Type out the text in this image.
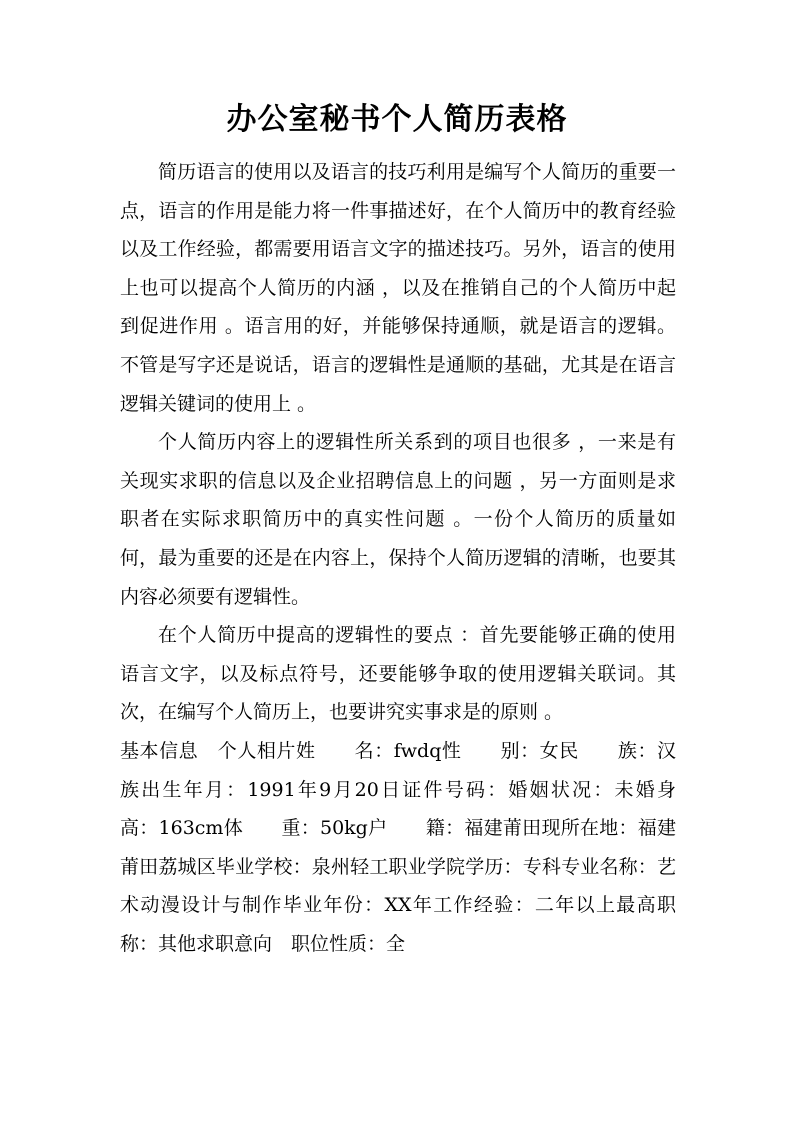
办公室秘书个人简历表格

简历语言的使用以及语言的技巧利用是编写个人简历的重要一点，语言的作用是能力将一件事描述好，在个人简历中的教育经验以及工作经验，都需要用语言文字的描述技巧。另外，语言的使用上也可以提高个人简历的内涵 ，以及在推销自己的个人简历中起到促进作用 。语言用的好，并能够保持通顺，就是语言的逻辑。不管是写字还是说话，语言的逻辑性是通顺的基础，尤其是在语言逻辑关键词的使用上 。

个人简历内容上的逻辑性所关系到的项目也很多 ，一来是有关现实求职的信息以及企业招聘信息上的问题 ，另一方面则是求职者在实际求职简历中的真实性问题 。一份个人简历的质量如何，最为重要的还是在内容上，保持个人简历逻辑的清晰，也要其内容必须要有逻辑性。

在个人简历中提高的逻辑性的要点 ：首先要能够正确的使用语言文字，以及标点符号，还要能够争取的使用逻辑关联词。其次，在编写个人简历上，也要讲究实事求是的原则 。

基本信息　个人相片姓　　名：fwdq性　　别：女民　　族：汉族出生年月：1991年9月20日证件号码：婚姻状况：未婚身　　高：163cm体　　重：50kg户　　籍：福建莆田现所在地：福建莆田荔城区毕业学校：泉州轻工职业学院学历：专科专业名称：艺术动漫设计与制作毕业年份：XX年工作经验：二年以上最高职称：其他求职意向　职位性质：全
